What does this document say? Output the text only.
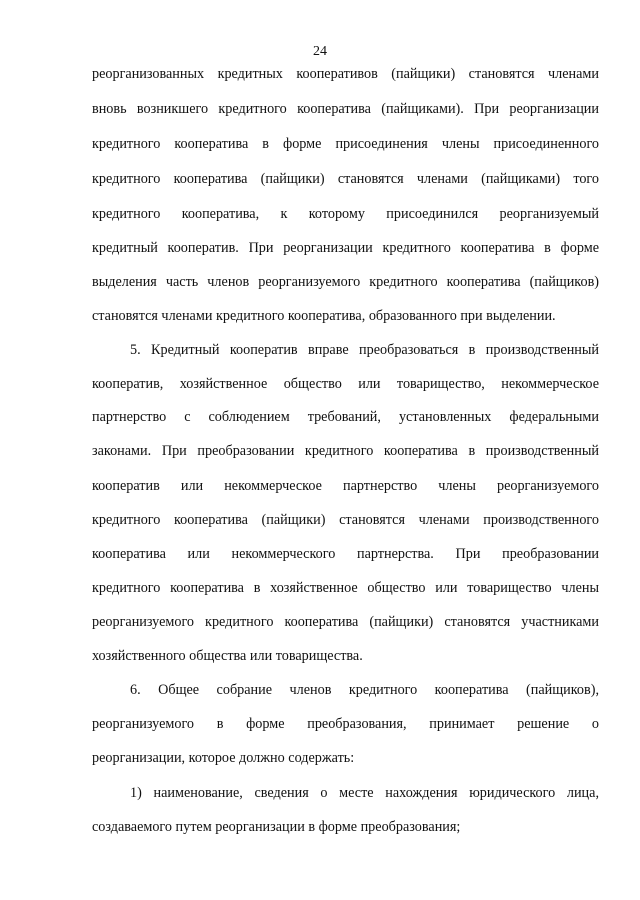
24
реорганизованных кредитных кооперативов (пайщики) становятся членами
вновь возникшего кредитного кооператива (пайщиками). При реорганизации
кредитного кооператива в форме присоединения члены присоединенного
кредитного кооператива (пайщики) становятся членами (пайщиками) того
кредитного кооператива, к которому присоединился реорганизуемый
кредитный кооператив. При реорганизации кредитного кооператива в форме
выделения часть членов реорганизуемого кредитного кооператива (пайщиков)
становятся членами кредитного кооператива, образованного при выделении.
5. Кредитный кооператив вправе преобразоваться в производственный
кооператив, хозяйственное общество или товарищество, некоммерческое
партнерство с соблюдением требований, установленных федеральными
законами. При преобразовании кредитного кооператива в производственный
кооператив или некоммерческое партнерство члены реорганизуемого
кредитного кооператива (пайщики) становятся членами производственного
кооператива или некоммерческого партнерства. При преобразовании
кредитного кооператива в хозяйственное общество или товарищество члены
реорганизуемого кредитного кооператива (пайщики) становятся участниками
хозяйственного общества или товарищества.
6. Общее собрание членов кредитного кооператива (пайщиков),
реорганизуемого в форме преобразования, принимает решение о
реорганизации, которое должно содержать:
1) наименование, сведения о месте нахождения юридического лица,
создаваемого путем реорганизации в форме преобразования;
